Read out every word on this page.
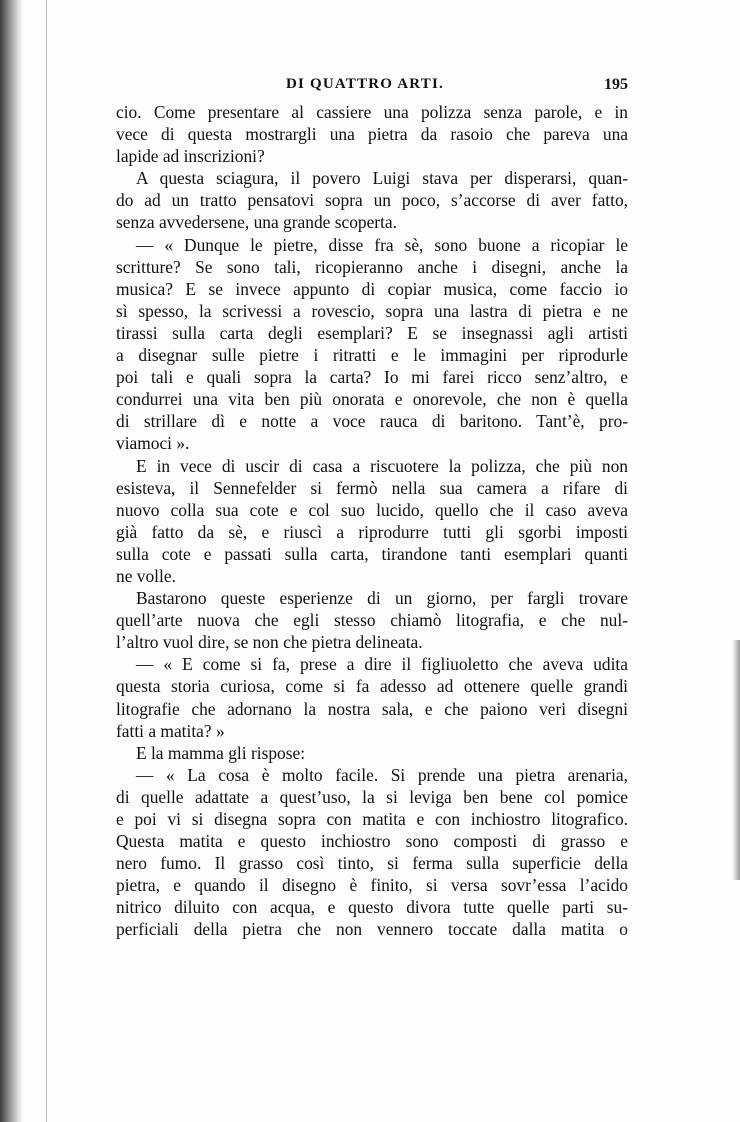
DI QUATTRO ARTI.	195
cio. Come presentare al cassiere una polizza senza parole, e in
vece di questa mostrargli una pietra da rasoio che pareva una
lapide ad inscrizioni?
A questa sciagura, il povero Luigi stava per disperarsi, quan-
do ad un tratto pensatovi sopra un poco, s’accorse di aver fatto,
senza avvedersene, una grande scoperta.
— « Dunque le pietre, disse fra sè, sono buone a ricopiar le
scritture? Se sono tali, ricopieranno anche i disegni, anche la
musica? E se invece appunto di copiar musica, come faccio io
sì spesso, la scrivessi a rovescio, sopra una lastra di pietra e ne
tirassi sulla carta degli esemplari? E se insegnassi agli artisti
a disegnar sulle pietre i ritratti e le immagini per riprodurle
poi tali e quali sopra la carta? Io mi farei ricco senz’altro, e
condurrei una vita ben più onorata e onorevole, che non è quella
di strillare dì e notte a voce rauca di baritono. Tant’è, pro-
viamoci ».
E in vece di uscir di casa a riscuotere la polizza, che più non
esisteva, il Sennefelder si fermò nella sua camera a rifare di
nuovo colla sua cote e col suo lucido, quello che il caso aveva
già fatto da sè, e riuscì a riprodurre tutti gli sgorbi imposti
sulla cote e passati sulla carta, tirandone tanti esemplari quanti
ne volle.
Bastarono queste esperienze di un giorno, per fargli trovare
quell’arte nuova che egli stesso chiamò litografia, e che nul-
l’altro vuol dire, se non che pietra delineata.
— « E come si fa, prese a dire il figliuoletto che aveva udita
questa storia curiosa, come si fa adesso ad ottenere quelle grandi
litografie che adornano la nostra sala, e che paiono veri disegni
fatti a matita? »
E la mamma gli rispose:
— « La cosa è molto facile. Si prende una pietra arenaria,
di quelle adattate a quest’uso, la si leviga ben bene col pomice
e poi vi si disegna sopra con matita e con inchiostro litografico.
Questa matita e questo inchiostro sono composti di grasso e
nero fumo. Il grasso così tinto, si ferma sulla superficie della
pietra, e quando il disegno è finito, si versa sovr’essa l’acido
nitrico diluito con acqua, e questo divora tutte quelle parti su-
perficiali della pietra che non vennero toccate dalla matita o
